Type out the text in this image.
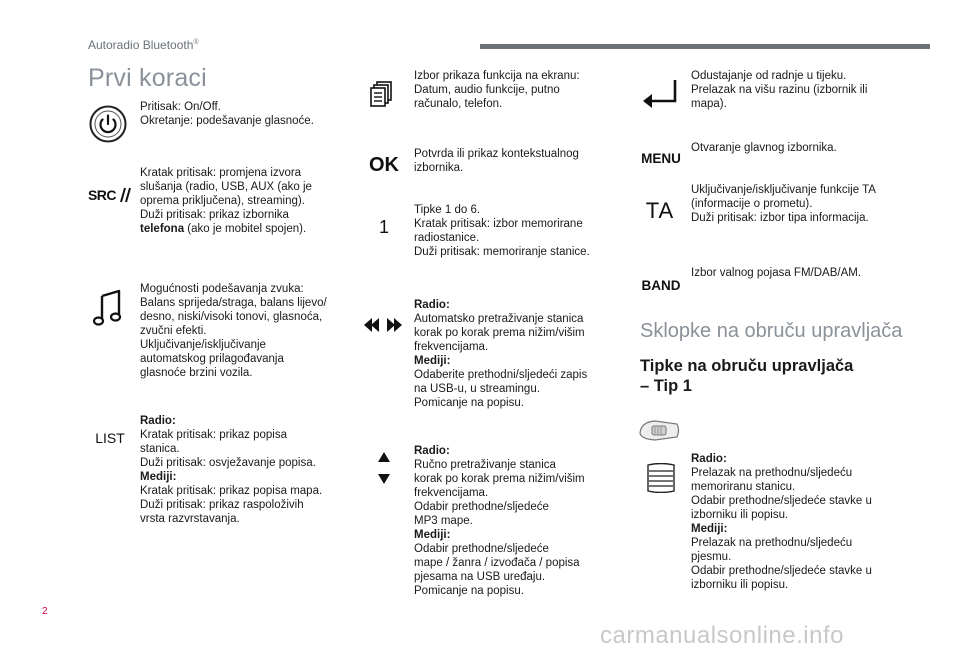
Autoradio Bluetooth®
Prvi koraci
Pritisak: On/Off.
Okretanje: podešavanje glasnoće.
SRC
Kratak pritisak: promjena izvora
slušanja (radio, USB, AUX (ako je
oprema priključena), streaming).
Duži pritisak: prikaz izbornika
telefona (ako je mobitel spojen).
Mogućnosti podešavanja zvuka:
Balans sprijeda/straga, balans lijevo/
desno, niski/visoki tonovi, glasnoća,
zvučni efekti.
Uključivanje/isključivanje
automatskog prilagođavanja
glasnoće brzini vozila.
LIST
Radio:
Kratak pritisak: prikaz popisa
stanica.
Duži pritisak: osvježavanje popisa.
Mediji:
Kratak pritisak: prikaz popisa mapa.
Duži pritisak: prikaz raspoloživih
vrsta razvrstavanja.
Izbor prikaza funkcija na ekranu:
Datum, audio funkcije, putno
računalo, telefon.
OK Potvrda ili prikaz kontekstualnog
izbornika.
1
Tipke 1 do 6.
Kratak pritisak: izbor memorirane
radiostanice.
Duži pritisak: memoriranje stanice.
Radio:
Automatsko pretraživanje stanica
korak po korak prema nižim/višim
frekvencijama.
Mediji:
Odaberite prethodni/sljedeći zapis
na USB-u, u streamingu.
Pomicanje na popisu.
Radio:
Ručno pretraživanje stanica
korak po korak prema nižim/višim
frekvencijama.
Odabir prethodne/sljedeće
MP3 mape.
Mediji:
Odabir prethodne/sljedeće
mape / žanra / izvođača / popisa
pjesama na USB uređaju.
Pomicanje na popisu.
Odustajanje od radnje u tijeku.
Prelazak na višu razinu (izbornik ili
mapa).
MENU
Otvaranje glavnog izbornika.
TA
Uključivanje/isključivanje funkcije TA
(informacije o prometu).
Duži pritisak: izbor tipa informacija.
BAND
Izbor valnog pojasa FM/DAB/AM.
Sklopke na obruču upravljača
Tipke na obruču upravljača
– Tip 1
Radio:
Prelazak na prethodnu/sljedeću
memoriranu stanicu.
Odabir prethodne/sljedeće stavke u
izborniku ili popisu.
Mediji:
Prelazak na prethodnu/sljedeću
pjesmu.
Odabir prethodne/sljedeće stavke u
izborniku ili popisu.
2
carmanualsonline.info
